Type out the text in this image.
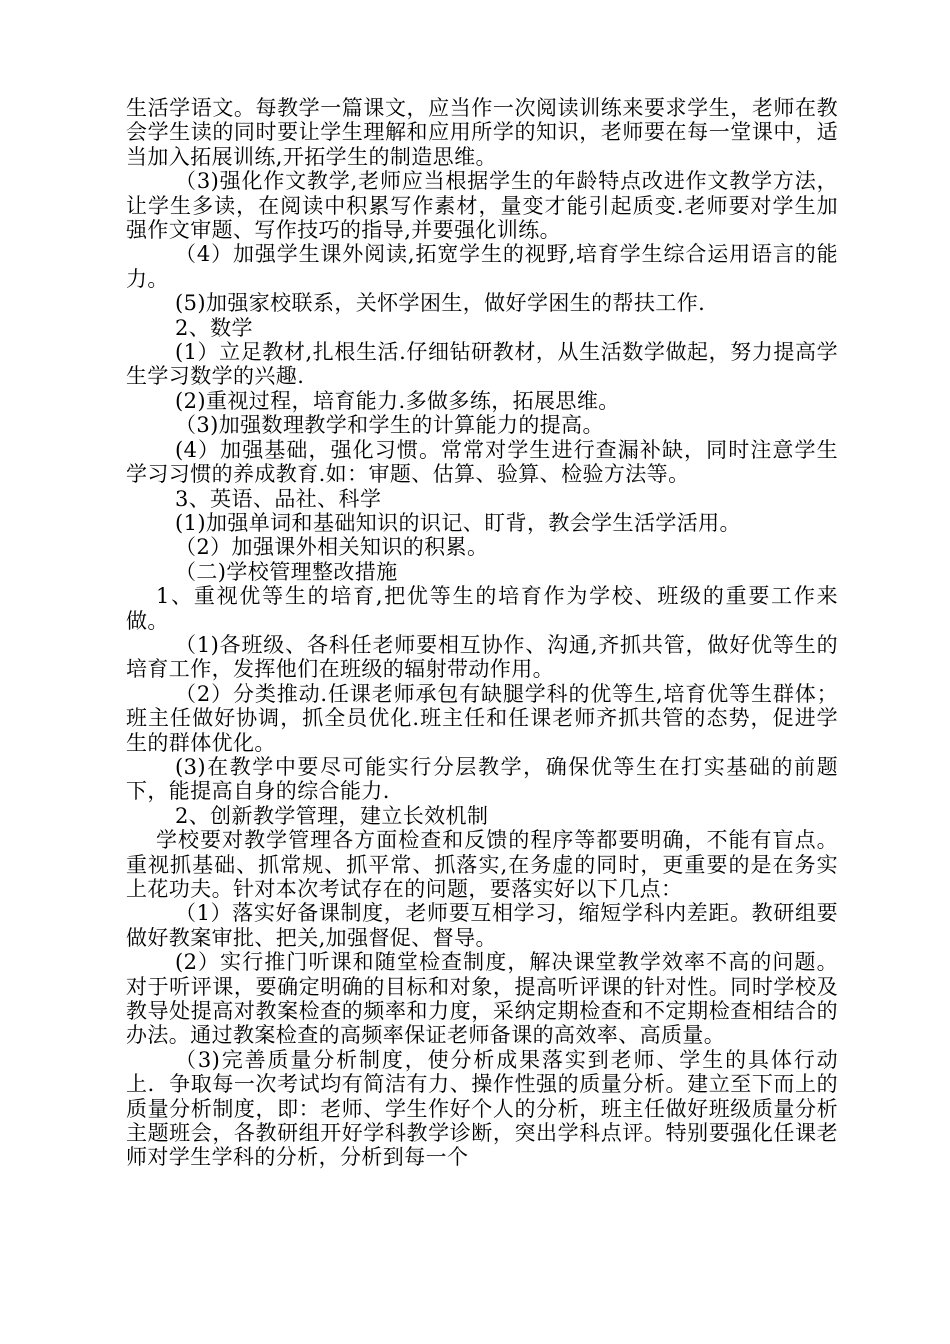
生活学语文。每教学一篇课文，应当作一次阅读训练来要求学生，老师在教会学生读的同时要让学生理解和应用所学的知识，老师要在每一堂课中，适当加入拓展训练,开拓学生的制造思维。

（3)强化作文教学,老师应当根据学生的年龄特点改进作文教学方法，让学生多读，在阅读中积累写作素材，量变才能引起质变.老师要对学生加强作文审题、写作技巧的指导,并要强化训练。

（4）加强学生课外阅读,拓宽学生的视野,培育学生综合运用语言的能力。

(5)加强家校联系，关怀学困生，做好学困生的帮扶工作.

2、数学

(1）立足教材,扎根生活.仔细钻研教材，从生活数学做起，努力提高学生学习数学的兴趣.

(2)重视过程，培育能力.多做多练，拓展思维。

（3)加强数理教学和学生的计算能力的提高。

(4）加强基础，强化习惯。常常对学生进行查漏补缺，同时注意学生学习习惯的养成教育.如：审题、估算、验算、检验方法等。

3、英语、品社、科学

(1)加强单词和基础知识的识记、盯背，教会学生活学活用。

（2）加强课外相关知识的积累。

（二)学校管理整改措施

1、重视优等生的培育,把优等生的培育作为学校、班级的重要工作来做。

（1)各班级、各科任老师要相互协作、沟通,齐抓共管，做好优等生的培育工作，发挥他们在班级的辐射带动作用。

（2）分类推动.任课老师承包有缺腿学科的优等生,培育优等生群体；班主任做好协调，抓全员优化.班主任和任课老师齐抓共管的态势，促进学生的群体优化。

(3)在教学中要尽可能实行分层教学，确保优等生在打实基础的前题下，能提高自身的综合能力.

2、创新教学管理，建立长效机制

学校要对教学管理各方面检查和反馈的程序等都要明确，不能有盲点。重视抓基础、抓常规、抓平常、抓落实,在务虚的同时，更重要的是在务实上花功夫。针对本次考试存在的问题，要落实好以下几点：

（1）落实好备课制度，老师要互相学习，缩短学科内差距。教研组要做好教案审批、把关,加强督促、督导。

(2）实行推门听课和随堂检查制度，解决课堂教学效率不高的问题。对于听评课，要确定明确的目标和对象，提高听评课的针对性。同时学校及教导处提高对教案检查的频率和力度，采纳定期检查和不定期检查相结合的办法。通过教案检查的高频率保证老师备课的高效率、高质量。

（3)完善质量分析制度，使分析成果落实到老师、学生的具体行动上．争取每一次考试均有简洁有力、操作性强的质量分析。建立至下而上的质量分析制度，即：老师、学生作好个人的分析，班主任做好班级质量分析主题班会，各教研组开好学科教学诊断，突出学科点评。特别要强化任课老师对学生学科的分析，分析到每一个
